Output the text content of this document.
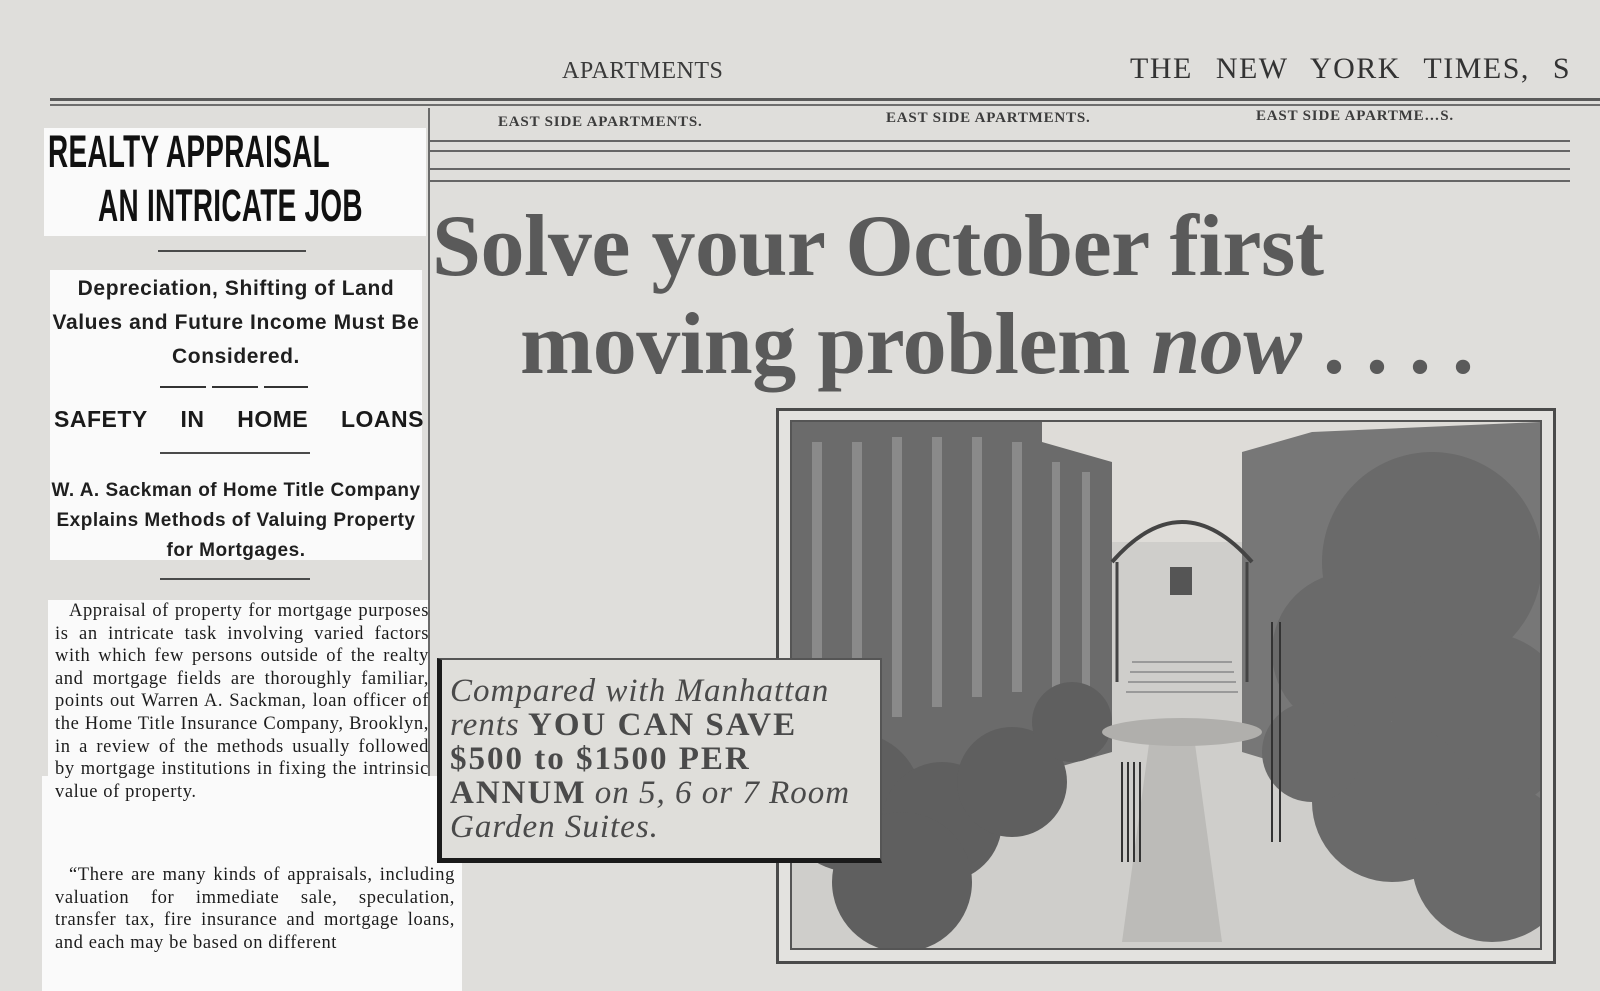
APARTMENTS	THE NEW YORK TIMES, S
REALTY APPRAISAL
AN INTRICATE JOB
Depreciation, Shifting of Land Values and Future Income Must Be Considered.
SAFETY IN HOME LOANS
W. A. Sackman of Home Title Company Explains Methods of Valuing Property for Mortgages.
Appraisal of property for mortgage purposes is an intricate task involving varied factors with which few persons outside of the realty and mortgage fields are thoroughly familiar, points out Warren A. Sackman, loan officer of the Home Title Insurance Company, Brooklyn, in a review of the methods usually followed by mortgage institutions in fixing the intrinsic value of property.
“There are many kinds of appraisals, including valuation for immediate sale, speculation, transfer tax, fire insurance and mortgage loans, and each may be based on different
EAST SIDE APARTMENTS.	EAST SIDE APARTMENTS.	EAST SIDE APARTME…S.
Solve your October first
moving problem now . . . .
Compared with Manhattan rents YOU CAN SAVE $500 to $1500 PER ANNUM on 5, 6 or 7 Room Garden Suites.
